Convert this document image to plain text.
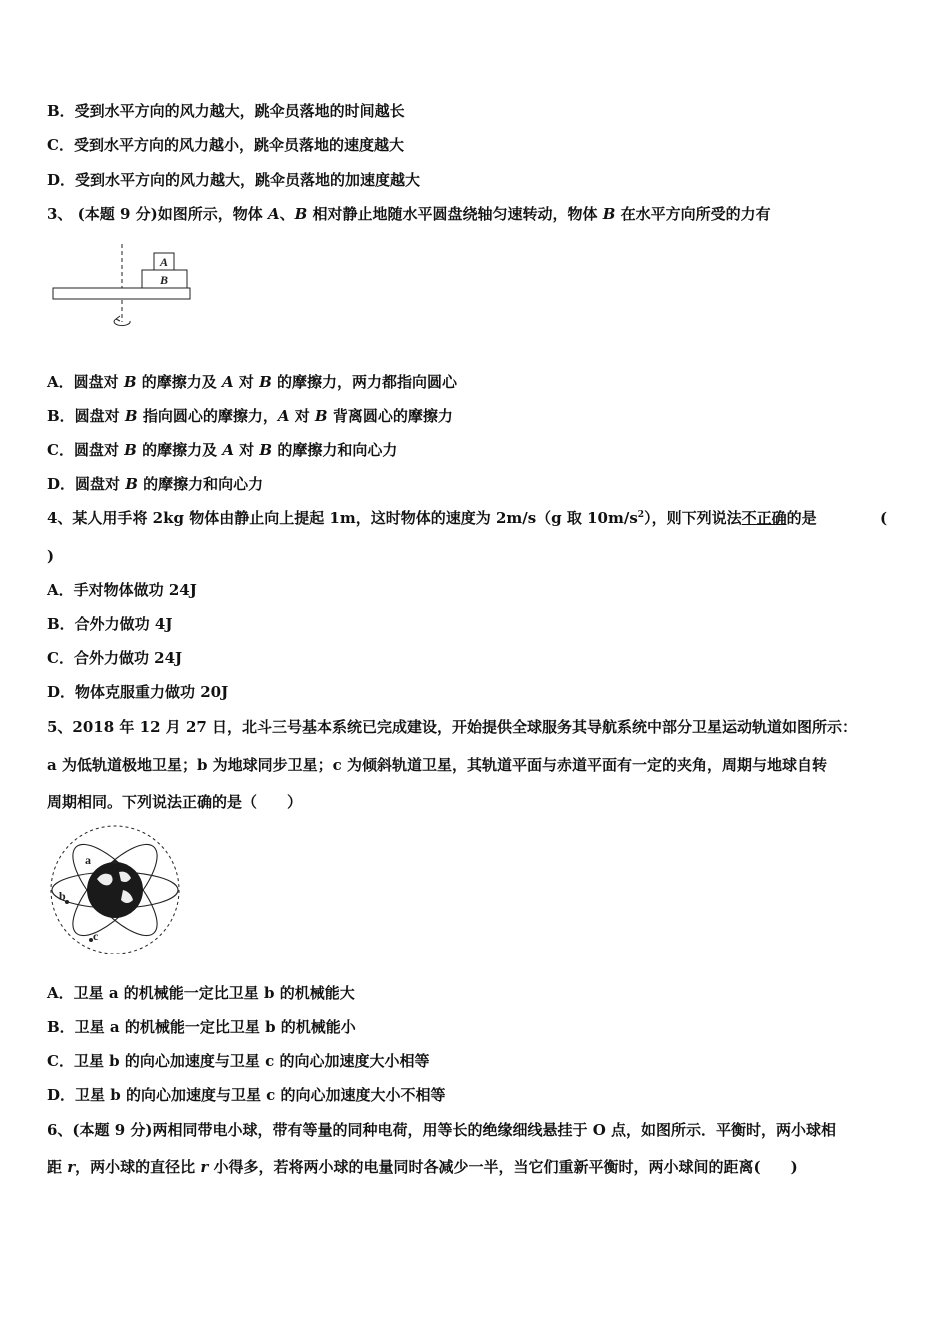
B．受到水平方向的风力越大，跳伞员落地的时间越长
C．受到水平方向的风力越小，跳伞员落地的速度越大
D．受到水平方向的风力越大，跳伞员落地的加速度越大
3、 (本题 9 分)如图所示，物体 A、B 相对静止地随水平圆盘绕轴匀速转动，物体 B 在水平方向所受的力有
A
B
A．圆盘对 B 的摩擦力及 A 对 B 的摩擦力，两力都指向圆心
B．圆盘对 B 指向圆心的摩擦力，A 对 B 背离圆心的摩擦力
C．圆盘对 B 的摩擦力及 A 对 B 的摩擦力和向心力
D．圆盘对 B 的摩擦力和向心力
4、某人用手将 2kg 物体由静止向上提起 1m，这时物体的速度为 2m/s（g 取 $10m/s^2$），则下列说法不正确的是	(
)
A．手对物体做功 24J
B．合外力做功 4J
C．合外力做功 24J
D．物体克服重力做功 20J
5、2018 年 12 月 27 日，北斗三号基本系统已完成建设，开始提供全球服务其导航系统中部分卫星运动轨道如图所示：
a 为低轨道极地卫星；b 为地球同步卫星；c 为倾斜轨道卫星，其轨道平面与赤道平面有一定的夹角，周期与地球自转
周期相同。下列说法正确的是（　　）
a
b
c
A．卫星 a 的机械能一定比卫星 b 的机械能大
B．卫星 a 的机械能一定比卫星 b 的机械能小
C．卫星 b 的向心加速度与卫星 c 的向心加速度大小相等
D．卫星 b 的向心加速度与卫星 c 的向心加速度大小不相等
6、(本题 9 分)两相同带电小球，带有等量的同种电荷，用等长的绝缘细线悬挂于 O 点，如图所示．平衡时，两小球相
距 r，两小球的直径比 r 小得多，若将两小球的电量同时各减少一半，当它们重新平衡时，两小球间的距离(　　)
